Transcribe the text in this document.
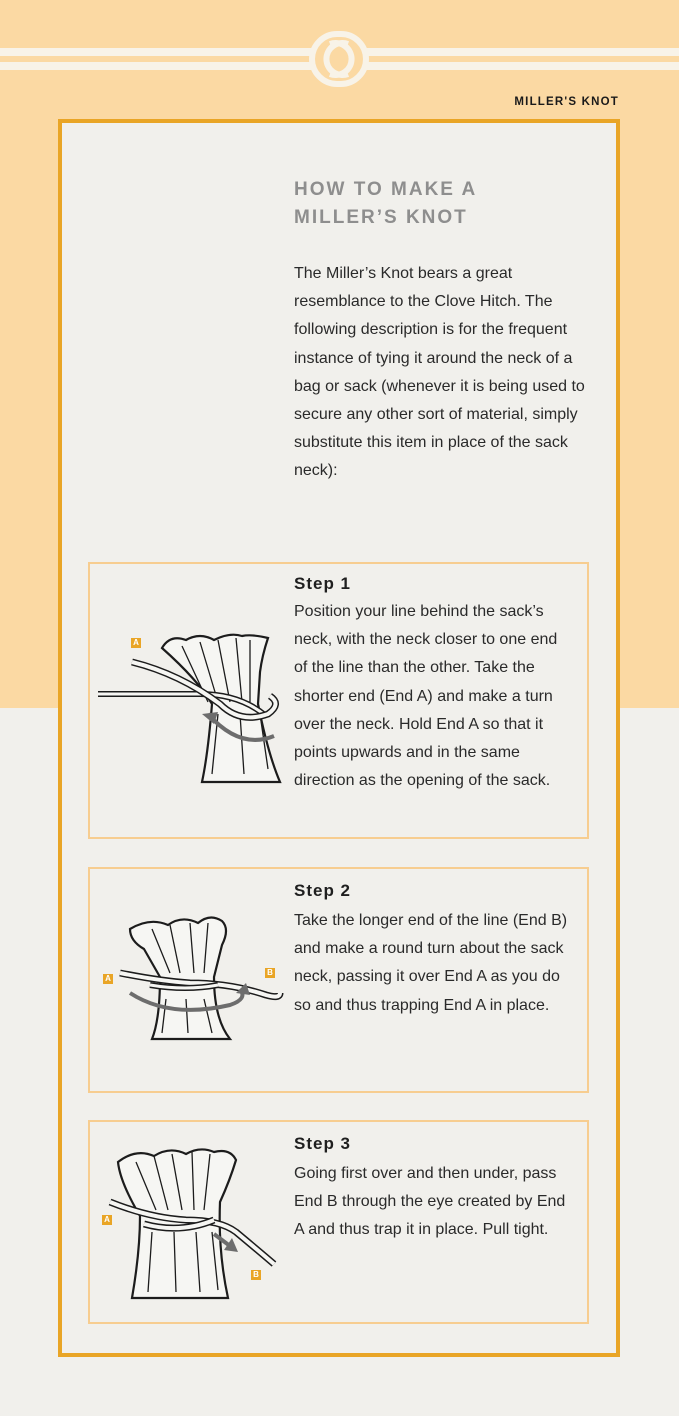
MILLER'S KNOT
HOW TO MAKE A
MILLER’S KNOT

The Miller’s Knot bears a great resemblance to the Clove Hitch. The following description is for the frequent instance of tying it around the neck of a bag or sack (whenever it is being used to secure any other sort of material, simply substitute this item in place of the sack neck):

A
Step 1

Position your line behind the sack’s neck, with the neck closer to one end of the line than the other. Take the shorter end (End A) and make a turn over the neck. Hold End A so that it points upwards and in the same direction as the opening of the sack.

A
B
Step 2

Take the longer end of the line (End B) and make a round turn about the sack neck, passing it over End A as you do so and thus trapping End A in place.

A
B
Step 3

Going first over and then under, pass End B through the eye created by End A and thus trap it in place. Pull tight.
